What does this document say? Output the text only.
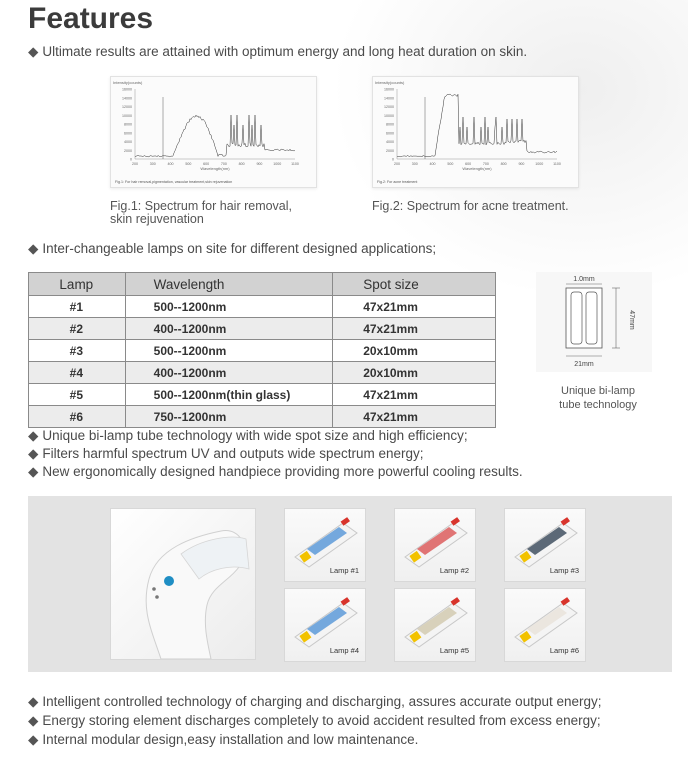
Features
◆ Ultimate results are attained with optimum energy and long heat duration on skin.
Intensity(counts)
16000
14000
12000
10000
8000
6000
4000
2000
0
200	300	400	500	600	700	800	900	1000	1100
Wavelength(nm)
Fig.1: For hair removal,pigmentation, vascular treatment,skin rejuvenation
Intensity(counts)
16000
14000
12000
10000
8000
6000
4000
2000
0
200	300	400	500	600	700	800	900	1000	1100
Wavelength(nm)
Fig.2: For acne treatment
Fig.1: Spectrum for hair removal,
skin rejuvenation
Fig.2: Spectrum for acne treatment.
◆ Inter-changeable lamps on site for different designed applications;
Lamp	Wavelength	Spot size
#1	500--1200nm	47x21mm
#2	400--1200nm	47x21mm
#3	500--1200nm	20x10mm
#4	400--1200nm	20x10mm
#5	500--1200nm(thin glass)	47x21mm
#6	750--1200nm	47x21mm
1.0mm
47mm
21mm
Unique bi-lamp
tube technology
◆ Unique bi-lamp tube technology with wide spot size and high efficiency;
◆ Filters harmful spectrum UV and outputs wide spectrum energy;
◆ New ergonomically designed handpiece providing more powerful cooling results.
Lamp #1	Lamp #2	Lamp #3
Lamp #4	Lamp #5	Lamp #6
◆ Intelligent controlled technology of charging and discharging, assures accurate output energy;
◆ Energy storing element discharges completely to avoid accident resulted from excess energy;
◆ Internal modular design,easy installation and low maintenance.
